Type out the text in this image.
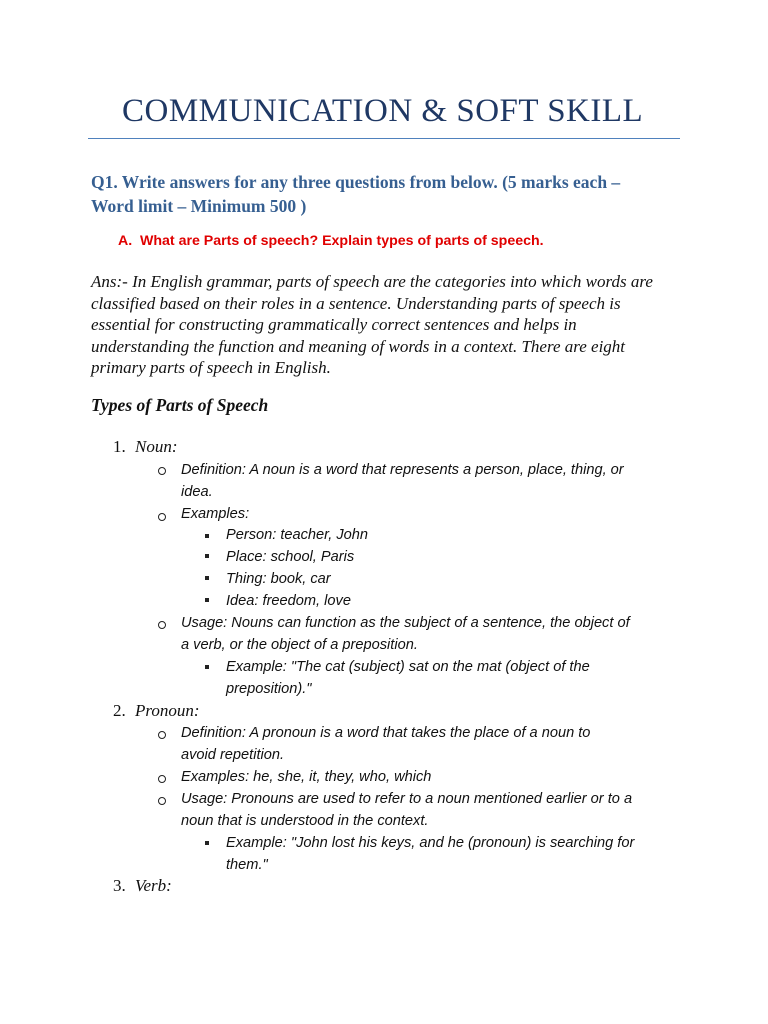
COMMUNICATION & SOFT SKILL
Q1. Write answers for any three questions from below. (5 marks each –
Word limit – Minimum 500 )
A. What are Parts of speech? Explain types of parts of speech.
Ans:- In English grammar, parts of speech are the categories into which words are
classified based on their roles in a sentence. Understanding parts of speech is
essential for constructing grammatically correct sentences and helps in
understanding the function and meaning of words in a context. There are eight
primary parts of speech in English.
Types of Parts of Speech
1. Noun:
Definition: A noun is a word that represents a person, place, thing, or
idea.
Examples:
Person: teacher, John
Place: school, Paris
Thing: book, car
Idea: freedom, love
Usage: Nouns can function as the subject of a sentence, the object of
a verb, or the object of a preposition.
Example: "The cat (subject) sat on the mat (object of the
preposition)."
2. Pronoun:
Definition: A pronoun is a word that takes the place of a noun to
avoid repetition.
Examples: he, she, it, they, who, which
Usage: Pronouns are used to refer to a noun mentioned earlier or to a
noun that is understood in the context.
Example: "John lost his keys, and he (pronoun) is searching for
them."
3. Verb:
